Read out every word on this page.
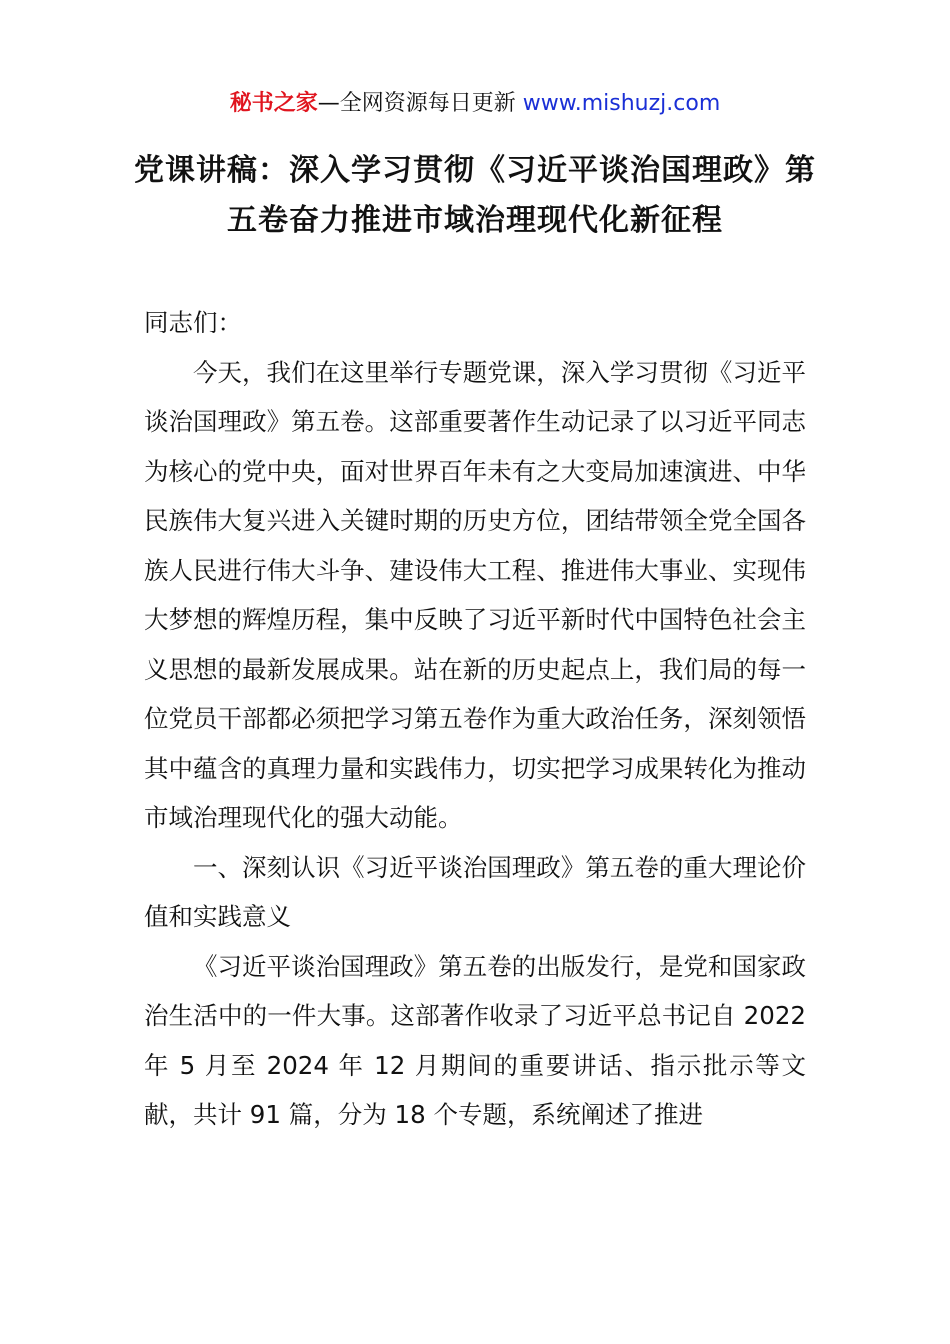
秘书之家—全网资源每日更新 www.mishuzj.com
党课讲稿：深入学习贯彻《习近平谈治国理政》第五卷奋力推进市域治理现代化新征程

同志们：

今天，我们在这里举行专题党课，深入学习贯彻《习近平谈治国理政》第五卷。这部重要著作生动记录了以习近平同志为核心的党中央，面对世界百年未有之大变局加速演进、中华民族伟大复兴进入关键时期的历史方位，团结带领全党全国各族人民进行伟大斗争、建设伟大工程、推进伟大事业、实现伟大梦想的辉煌历程，集中反映了习近平新时代中国特色社会主义思想的最新发展成果。站在新的历史起点上，我们局的每一位党员干部都必须把学习第五卷作为重大政治任务，深刻领悟其中蕴含的真理力量和实践伟力，切实把学习成果转化为推动市域治理现代化的强大动能。

一、深刻认识《习近平谈治国理政》第五卷的重大理论价值和实践意义

《习近平谈治国理政》第五卷的出版发行，是党和国家政治生活中的一件大事。这部著作收录了习近平总书记自 2022 年 5 月至 2024 年 12 月期间的重要讲话、指示批示等文献，共计 91 篇，分为 18 个专题，系统阐述了推进
